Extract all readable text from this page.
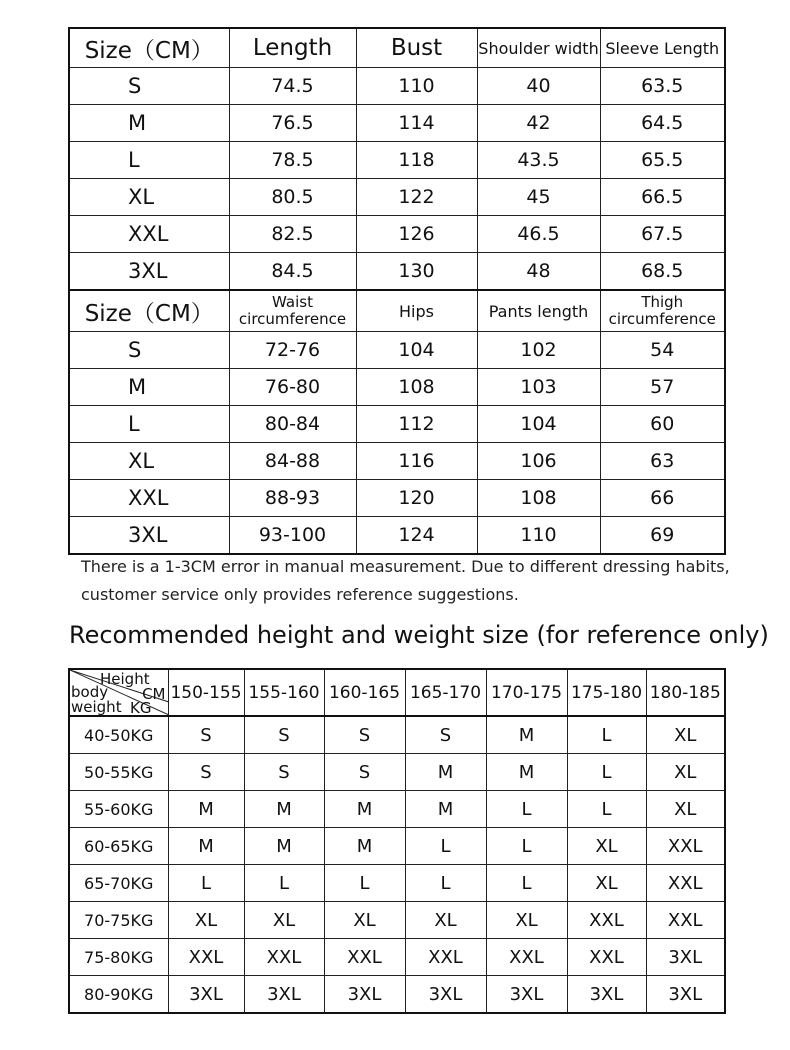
Size（CM）	Length	Bust	Shoulder width	Sleeve Length
S	74.5	110	40	63.5
M	76.5	114	42	64.5
L	78.5	118	43.5	65.5
XL	80.5	122	45	66.5
XXL	82.5	126	46.5	67.5
3XL	84.5	130	48	68.5
Size（CM）	Waist circumference	Hips	Pants length	Thigh circumference
S	72-76	104	102	54
M	76-80	108	103	57
L	80-84	112	104	60
XL	84-88	116	106	63
XXL	88-93	120	108	66
3XL	93-100	124	110	69
There is a 1-3CM error in manual measurement. Due to different dressing habits,
customer service only provides reference suggestions.
Recommended height and weight size (for reference only)
Height
body CM
weight KG	150-155	155-160	160-165	165-170	170-175	175-180	180-185
40-50KG	S	S	S	S	M	L	XL
50-55KG	S	S	S	M	M	L	XL
55-60KG	M	M	M	M	L	L	XL
60-65KG	M	M	M	L	L	XL	XXL
65-70KG	L	L	L	L	L	XL	XXL
70-75KG	XL	XL	XL	XL	XL	XXL	XXL
75-80KG	XXL	XXL	XXL	XXL	XXL	XXL	3XL
80-90KG	3XL	3XL	3XL	3XL	3XL	3XL	3XL
